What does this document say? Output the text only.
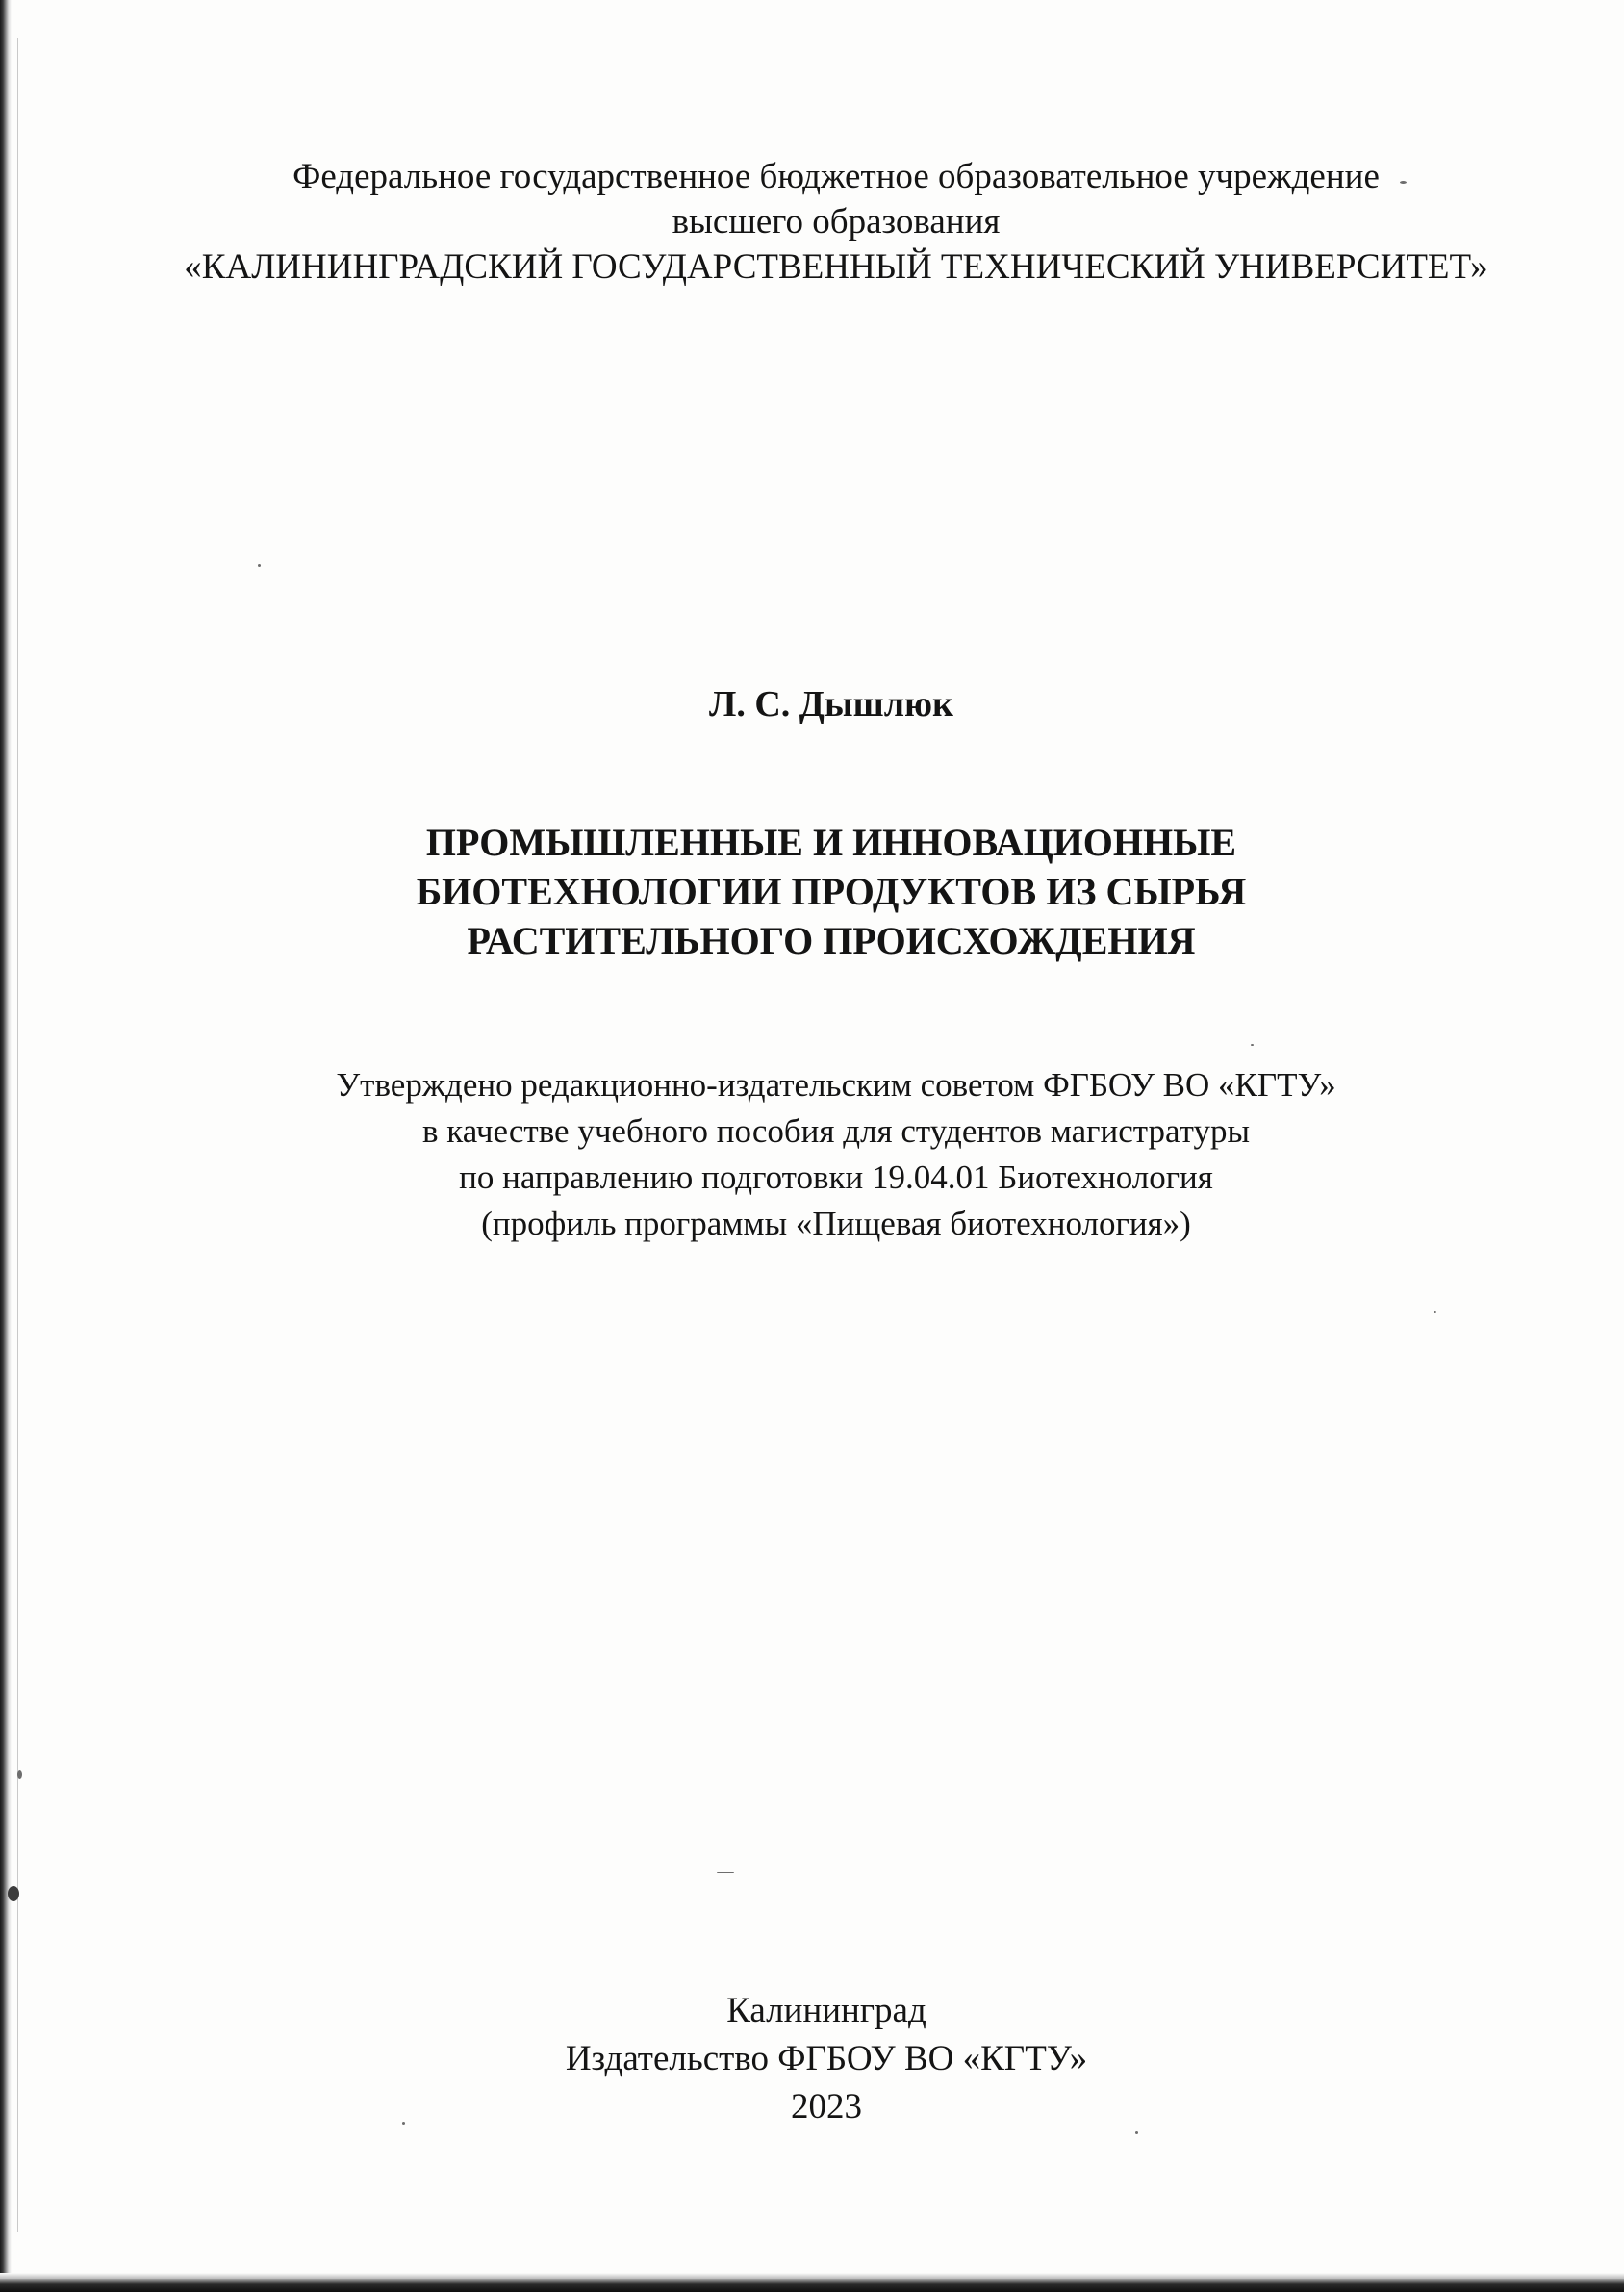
Федеральное государственное бюджетное образовательное учреждение
высшего образования
«КАЛИНИНГРАДСКИЙ ГОСУДАРСТВЕННЫЙ ТЕХНИЧЕСКИЙ УНИВЕРСИТЕТ»
Л. С. Дышлюк
ПРОМЫШЛЕННЫЕ И ИННОВАЦИОННЫЕ
БИОТЕХНОЛОГИИ ПРОДУКТОВ ИЗ СЫРЬЯ
РАСТИТЕЛЬНОГО ПРОИСХОЖДЕНИЯ
Утверждено редакционно-издательским советом ФГБОУ ВО «КГТУ»
в качестве учебного пособия для студентов магистратуры
по направлению подготовки 19.04.01 Биотехнология
(профиль программы «Пищевая биотехнология»)
Калининград
Издательство ФГБОУ ВО «КГТУ»
2023
